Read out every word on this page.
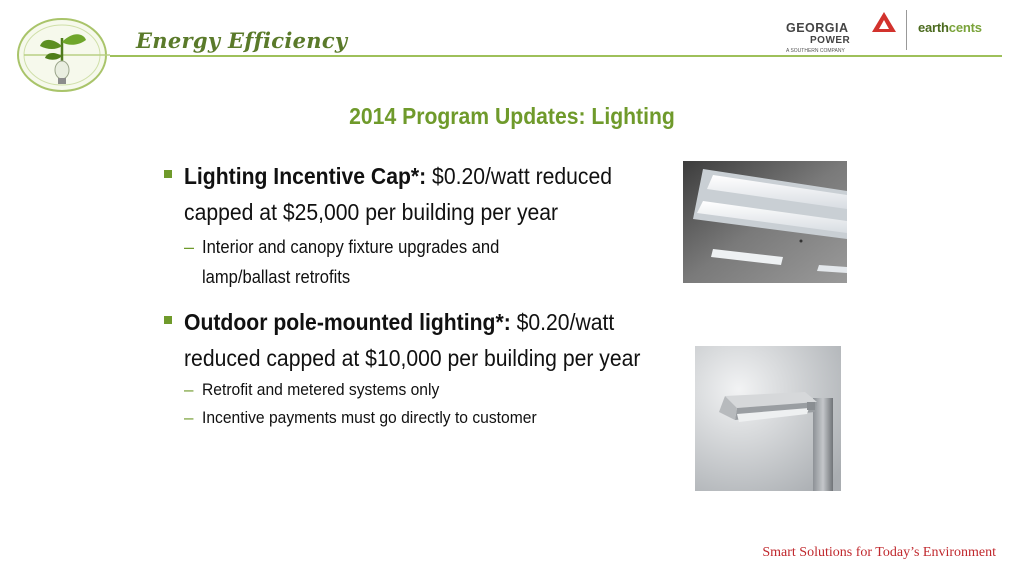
Energy Efficiency	GEORGIA
POWER
A SOUTHERN COMPANY
earthcents
2014 Program Updates: Lighting
Lighting Incentive Cap*: $0.20/watt reduced capped at $25,000 per building per year
– Interior and canopy fixture upgrades and lamp/ballast retrofits
Outdoor pole-mounted lighting*: $0.20/watt reduced capped at $10,000 per building per year
– Retrofit and metered systems only
– Incentive payments must go directly to customer
Smart Solutions for Today’s Environment
